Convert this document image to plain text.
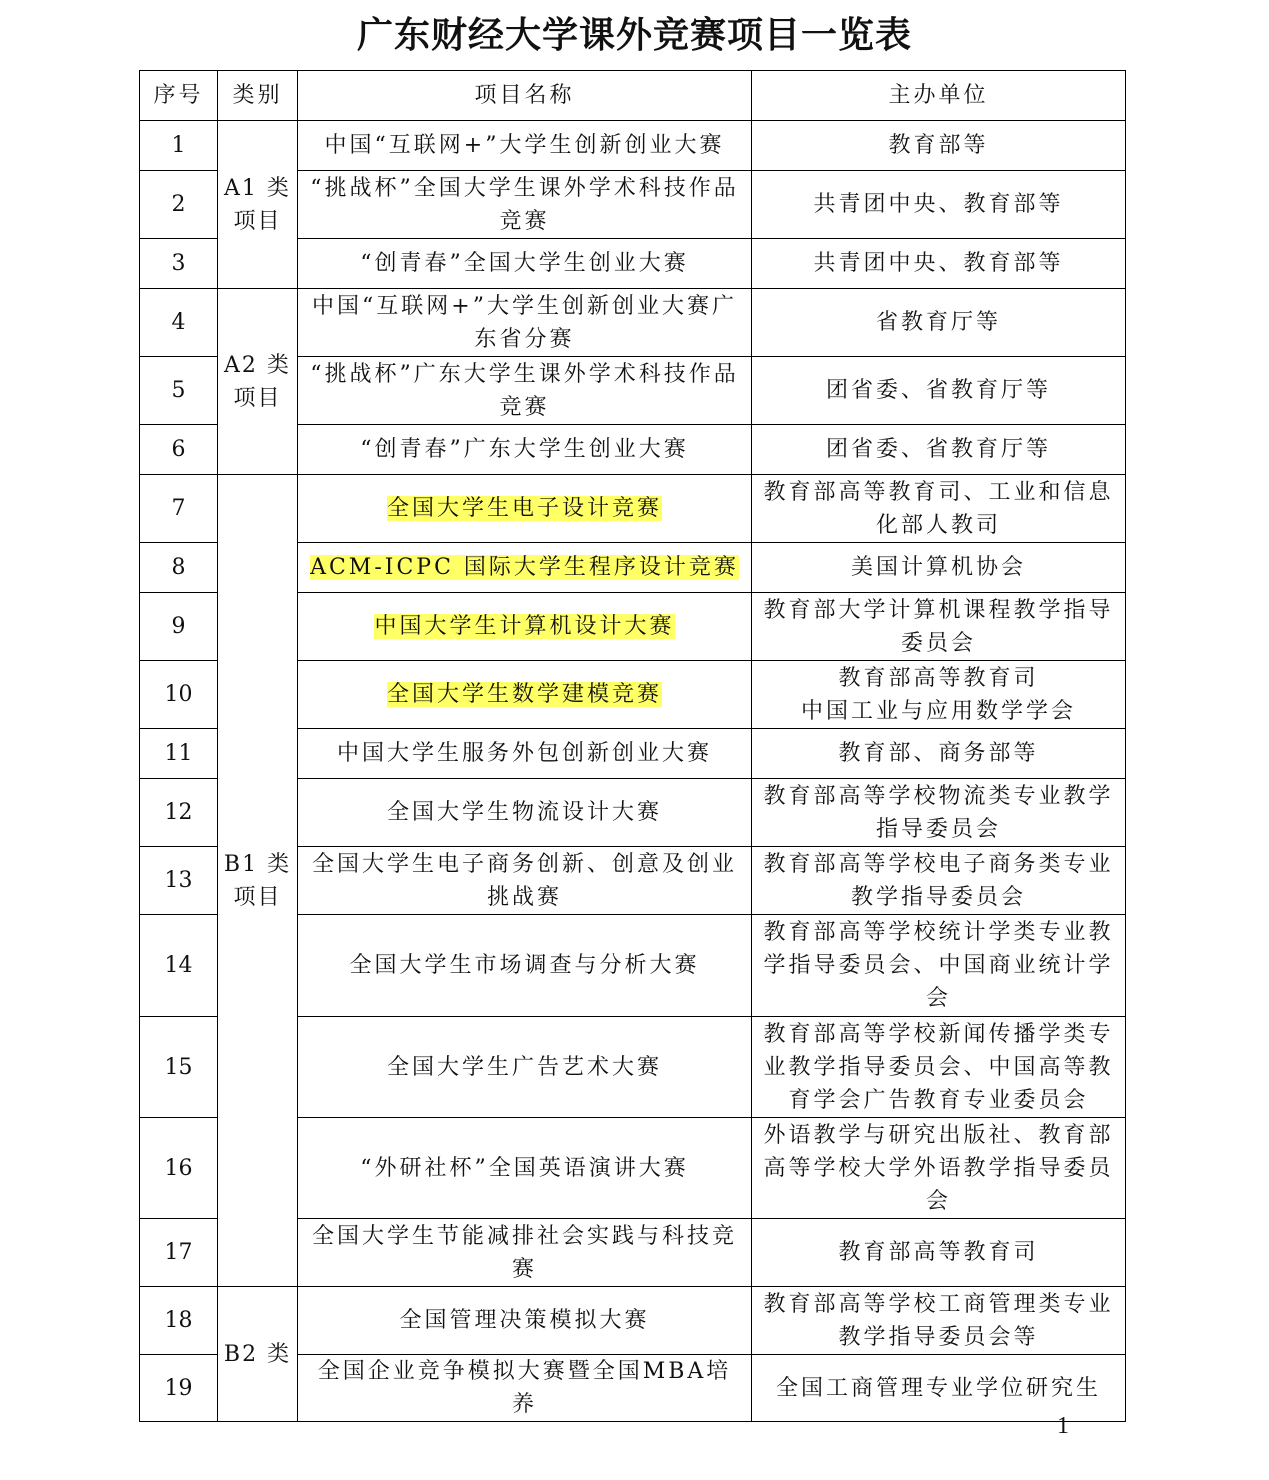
广东财经大学课外竞赛项目一览表
序号	类别	项目名称	主办单位
1	A1 类项目	中国“互联网+”大学生创新创业大赛	教育部等
2		“挑战杯”全国大学生课外学术科技作品竞赛	共青团中央、教育部等
3		“创青春”全国大学生创业大赛	共青团中央、教育部等
4	A2 类项目	中国“互联网+”大学生创新创业大赛广东省分赛	省教育厅等
5		“挑战杯”广东大学生课外学术科技作品竞赛	团省委、省教育厅等
6		“创青春”广东大学生创业大赛	团省委、省教育厅等
7	B1 类项目	全国大学生电子设计竞赛	教育部高等教育司、工业和信息化部人教司
8		ACM-ICPC 国际大学生程序设计竞赛	美国计算机协会
9		中国大学生计算机设计大赛	教育部大学计算机课程教学指导委员会
10		全国大学生数学建模竞赛	教育部高等教育司
中国工业与应用数学学会
11		中国大学生服务外包创新创业大赛	教育部、商务部等
12		全国大学生物流设计大赛	教育部高等学校物流类专业教学指导委员会
13		全国大学生电子商务创新、创意及创业挑战赛	教育部高等学校电子商务类专业教学指导委员会
14		全国大学生市场调查与分析大赛	教育部高等学校统计学类专业教学指导委员会、中国商业统计学会
15		全国大学生广告艺术大赛	教育部高等学校新闻传播学类专业教学指导委员会、中国高等教育学会广告教育专业委员会
16		“外研社杯”全国英语演讲大赛	外语教学与研究出版社、教育部高等学校大学外语教学指导委员会
17		全国大学生节能减排社会实践与科技竞赛	教育部高等教育司
18	B2 类	全国管理决策模拟大赛	教育部高等学校工商管理类专业教学指导委员会等
19		全国企业竞争模拟大赛暨全国MBA培养	全国工商管理专业学位研究生
1
